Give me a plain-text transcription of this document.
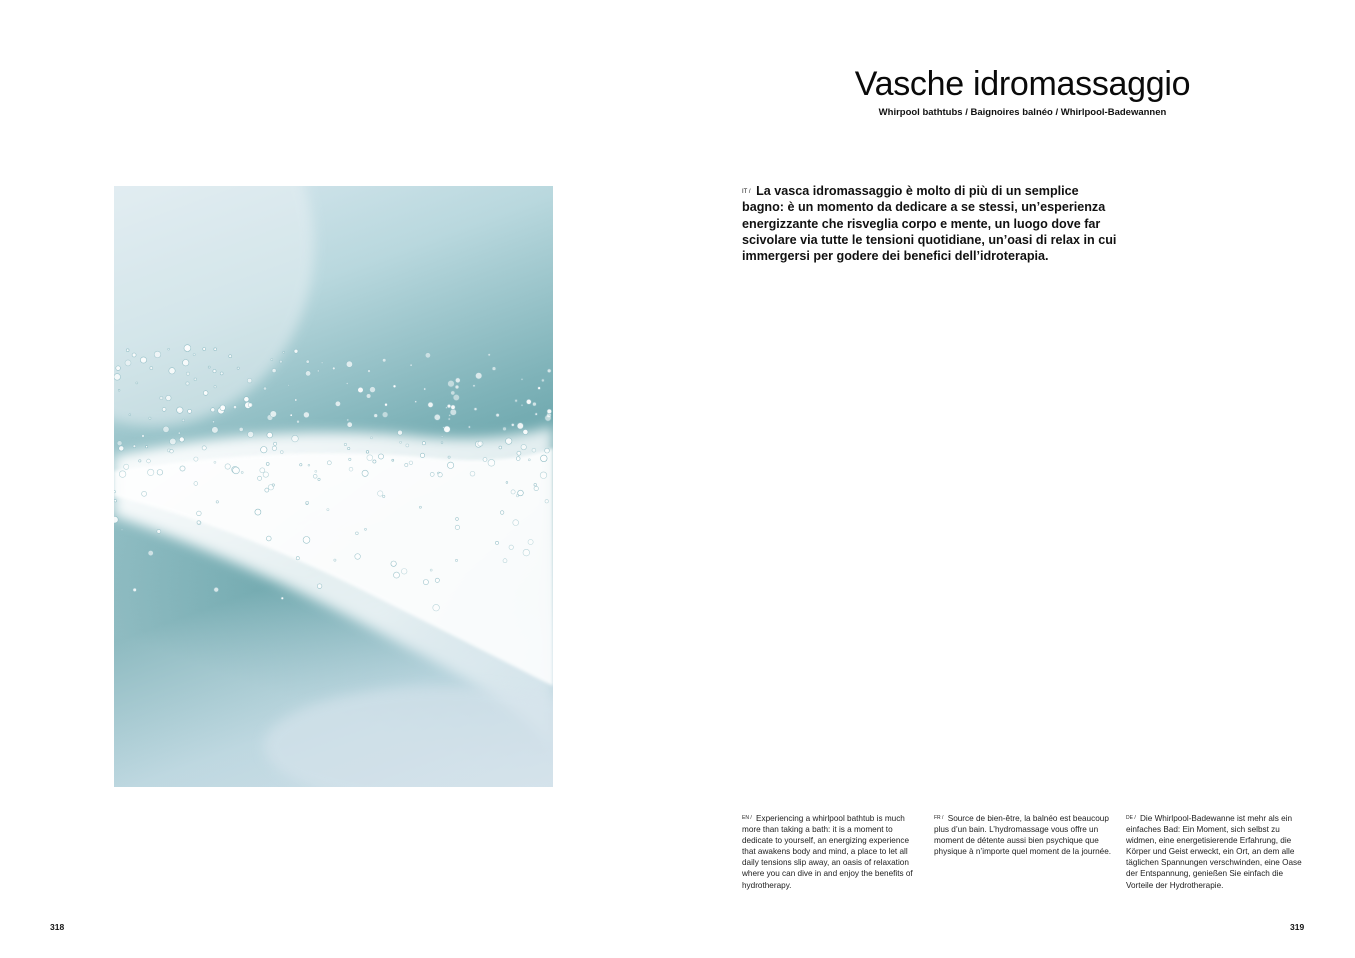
318
Vasche idromassaggio
Whirpool bathtubs / Baignoires balnéo / Whirlpool-Badewannen
$^{IT /}$ La vasca idromassaggio è molto di più di un semplice bagno: è un momento da dedicare a se stessi, un’esperienza energizzante che risveglia corpo e mente, un luogo dove far scivolare via tutte le tensioni quotidiane, un’oasi di relax in cui immergersi per godere dei benefici dell’idroterapia.
$^{EN /}$ Experiencing a whirlpool bathtub is much more than taking a bath: it is a moment to dedicate to yourself, an energizing experience that awakens body and mind, a place to let all daily tensions slip away, an oasis of relaxation where you can dive in and enjoy the benefits of hydrotherapy.
$^{FR /}$ Source de bien-être, la balnéo est beaucoup plus d’un bain. L’hydromassage vous offre un moment de détente aussi bien psychique que physique à n’importe quel moment de la journée.
$^{DE /}$ Die Whirlpool-Badewanne ist mehr als ein einfaches Bad: Ein Moment, sich selbst zu widmen, eine energetisierende Erfahrung, die Körper und Geist erweckt, ein Ort, an dem alle täglichen Spannungen verschwinden, eine Oase der Entspannung, genießen Sie einfach die Vorteile der Hydrotherapie.
319
